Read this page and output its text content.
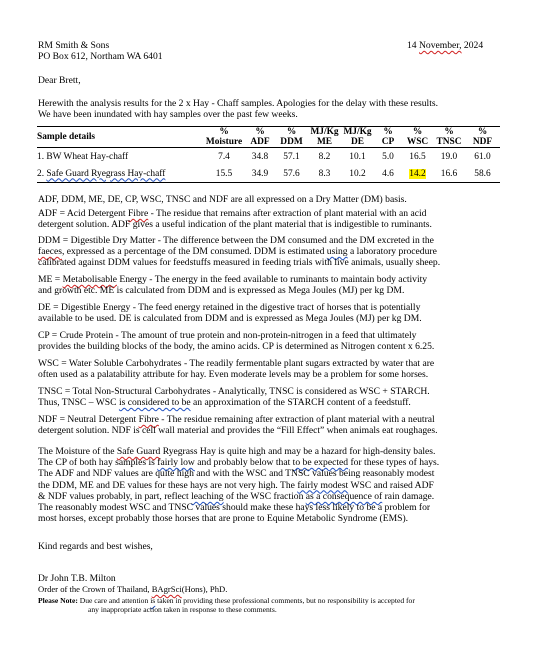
RM Smith & Sons
PO Box 612, Northam WA 6401
14 November, 2024
Dear Brett,
Herewith the analysis results for the 2 x Hay - Chaff samples. Apologies for the delay with these results.
We have been inundated with hay samples over the past few weeks.
Sample details	%	%	%	MJ/Kg	MJ/Kg	%	%	%	%
	Moisture	ADF	DDM	ME	DE	CP	WSC	TNSC	NDF
1. BW Wheat Hay-chaff	7.4	34.8	57.1	8.2	10.1	5.0	16.5	19.0	61.0
2. Safe Guard Ryegrass Hay-chaff	15.5	34.9	57.6	8.3	10.2	4.6	14.2	16.6	58.6
ADF, DDM, ME, DE, CP, WSC, TNSC and NDF are all expressed on a Dry Matter (DM) basis.
ADF = Acid Detergent Fibre - The residue that remains after extraction of plant material with an acid
detergent solution. ADF gives a useful indication of the plant material that is indigestible to ruminants.
DDM = Digestible Dry Matter - The difference between the DM consumed and the DM excreted in the
faeces, expressed as a percentage of the DM consumed. DDM is estimated using a laboratory procedure
calibrated against DDM values for feedstuffs measured in feeding trials with live animals, usually sheep.
ME = Metabolisable Energy - The energy in the feed available to ruminants to maintain body activity
and growth etc. ME is calculated from DDM and is expressed as Mega Joules (MJ) per kg DM.
DE = Digestible Energy - The feed energy retained in the digestive tract of horses that is potentially
available to be used. DE is calculated from DDM and is expressed as Mega Joules (MJ) per kg DM.
CP = Crude Protein - The amount of true protein and non-protein-nitrogen in a feed that ultimately
provides the building blocks of the body, the amino acids. CP is determined as Nitrogen content x 6.25.
WSC = Water Soluble Carbohydrates - The readily fermentable plant sugars extracted by water that are
often used as a palatability attribute for hay. Even moderate levels may be a problem for some horses.
TNSC = Total Non-Structural Carbohydrates - Analytically, TNSC is considered as WSC + STARCH.
Thus, TNSC – WSC is considered to be an approximation of the STARCH content of a feedstuff.
NDF = Neutral Detergent Fibre - The residue remaining after extraction of plant material with a neutral
detergent solution. NDF is cell wall material and provides the “Fill Effect” when animals eat roughages.
The Moisture of the Safe Guard Ryegrass Hay is quite high and may be a hazard for high-density bales.
The CP of both hay samples is fairly low and probably below that to be expected for these types of hays.
The ADF and NDF values are quite high and with the WSC and TNSC values being reasonably modest
the DDM, ME and DE values for these hays are not very high. The fairly modest WSC and raised ADF
& NDF values probably, in part, reflect leaching of the WSC fraction as a consequence of rain damage.
The reasonably modest WSC and TNSC values should make these hays less likely to be a problem for
most horses, except probably those horses that are prone to Equine Metabolic Syndrome (EMS).
Kind regards and best wishes,
Dr John T.B. Milton
Order of the Crown of Thailand, BAgrSci(Hons), PhD.
Please Note: Due care and attention is taken in providing these professional comments, but no responsibility is accepted for
any inappropriate action taken in response to these comments.
